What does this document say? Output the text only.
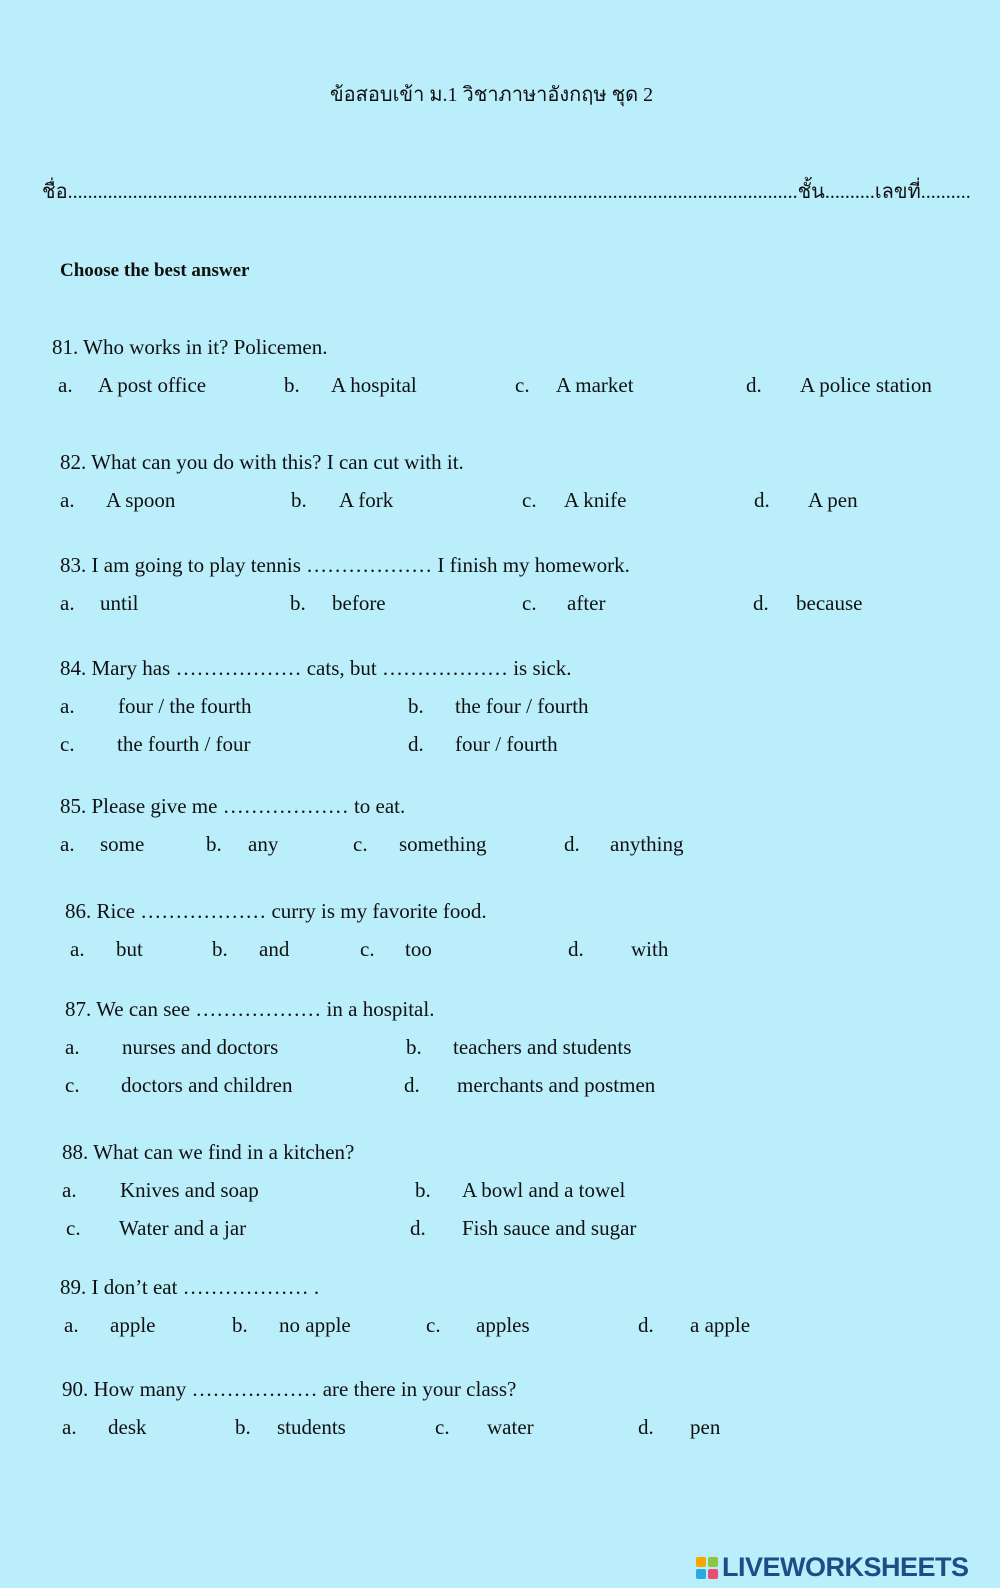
ข้อสอบเข้า ม.1 วิชาภาษาอังกฤษ ชุด 2
ชื่อ..................................................................................................................................................ชั้น..........เลขที่..........
Choose the best answer
81. Who works in it? Policemen.
a. A post office	b. A hospital	c. A market	d. A police station
82. What can you do with this? I can cut with it.
a. A spoon	b. A fork	c. A knife	d. A pen
83. I am going to play tennis ……………… I finish my homework.
a. until	b. before	c. after	d. because
84. Mary has ……………… cats, but ……………… is sick.
a. four / the fourth	b. the four / fourth
c. the fourth / four	d. four / fourth
85. Please give me ……………… to eat.
a. some	b. any	c. something	d. anything
86. Rice ……………… curry is my favorite food.
a. but	b. and	c. too	d. with
87. We can see ……………… in a hospital.
a. nurses and doctors	b. teachers and students
c. doctors and children	d. merchants and postmen
88. What can we find in a kitchen?
a. Knives and soap	b. A bowl and a towel
c. Water and a jar	d. Fish sauce and sugar
89. I don’t eat ……………… .
a. apple	b. no apple	c. apples	d. a apple
90. How many ……………… are there in your class?
a. desk	b. students	c. water	d. pen
LIVEWORKSHEETS
